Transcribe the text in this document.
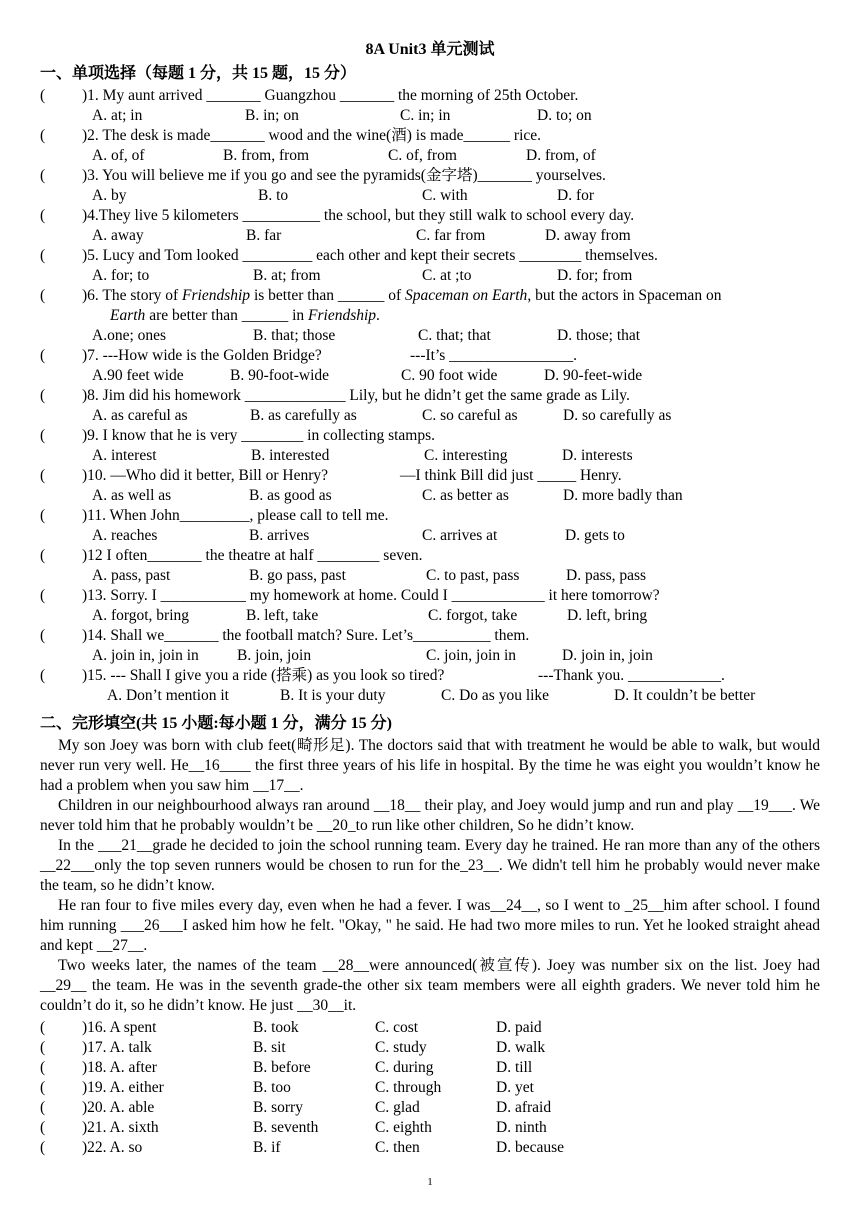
8A Unit3 单元测试
一、单项选择（每题 1 分，共 15 题，15 分）
( )1. My aunt arrived _______ Guangzhou _______ the morning of 25th October.
A. at; in	B. in; on	C. in; in	D. to; on
( )2. The desk is made_______ wood and the wine(酒) is made______ rice.
A. of, of	B. from, from	C. of, from	D. from, of
( )3. You will believe me if you go and see the pyramids(金字塔)_______ yourselves.
A. by	B. to	C. with	D. for
( )4.They live 5 kilometers __________ the school, but they still walk to school every day.
A. away	B. far	C. far from	D. away from
( )5. Lucy and Tom looked _________ each other and kept their secrets ________ themselves.
A. for; to	B. at; from	C. at ;to	D. for; from
( )6. The story of Friendship is better than ______ of Spaceman on Earth, but the actors in Spaceman on
Earth are better than ______ in Friendship.
A.one; ones	B. that; those	C. that; that	D. those; that
( )7. ---How wide is the Golden Bridge?	---It’s ________________.
A.90 feet wide	B. 90-foot-wide	C. 90 foot wide	D. 90-feet-wide
( )8. Jim did his homework _____________ Lily, but he didn’t get the same grade as Lily.
A. as careful as	B. as carefully as	C. so careful as	D. so carefully as
( )9. I know that he is very ________ in collecting stamps.
A. interest	B. interested	C. interesting	D. interests
( )10. —Who did it better, Bill or Henry?	—I think Bill did just _____ Henry.
A. as well as	B. as good as	C. as better as	D. more badly than
( )11. When John_________, please call to tell me.
A. reaches	B. arrives	C. arrives at	D. gets to
( )12 I often_______ the theatre at half ________ seven.
A. pass, past	B. go pass, past	C. to past, pass	D. pass, pass
( )13. Sorry. I ___________ my homework at home. Could I ____________ it here tomorrow?
A. forgot, bring	B. left, take	C. forgot, take	D. left, bring
( )14. Shall we_______ the football match? Sure. Let’s__________ them.
A. join in, join in B. join, join	C. join, join in	D. join in, join
( )15. --- Shall I give you a ride (搭乘) as you look so tired?	---Thank you. ____________.
A. Don’t mention it	B. It is your duty	C. Do as you like	D. It couldn’t be better
二、完形填空(共 15 小题:每小题 1 分，满分 15 分)

My son Joey was born with club feet(畸形足). The doctors said that with treatment he would be able to walk, but would never run very well. He__16____ the first three years of his life in hospital. By the time he was eight you wouldn’t know he had a problem when you saw him __17__.

Children in our neighbourhood always ran around __18__ their play, and Joey would jump and run and play __19___. We never told him that he probably wouldn’t be __20_to run like other children, So he didn’t know.

In the ___21__grade he decided to join the school running team. Every day he trained. He ran more than any of the others __22___only the top seven runners would be chosen to run for the_23__. We didn't tell him he probably would never make the team, so he didn’t know.

He ran four to five miles every day, even when he had a fever. I was__24__, so I went to _25__him after school. I found him running ___26___I asked him how he felt. "Okay, " he said. He had two more miles to run. Yet he looked straight ahead and kept __27__.

Two weeks later, the names of the team __28__were announced(被宣传). Joey was number six on the list. Joey had __29__ the team. He was in the seventh grade-the other six team members were all eighth graders. We never told him he couldn’t do it, so he didn’t know. He just __30__it.

( )16. A spent	B. took	C. cost	D. paid
( )17. A. talk	B. sit	C. study	D. walk
( )18. A. after	B. before	C. during	D. till
( )19. A. either	B. too	C. through	D. yet
( )20. A. able	B. sorry	C. glad	D. afraid
( )21. A. sixth	B. seventh	C. eighth	D. ninth
( )22. A. so	B. if	C. then	D. because
1
